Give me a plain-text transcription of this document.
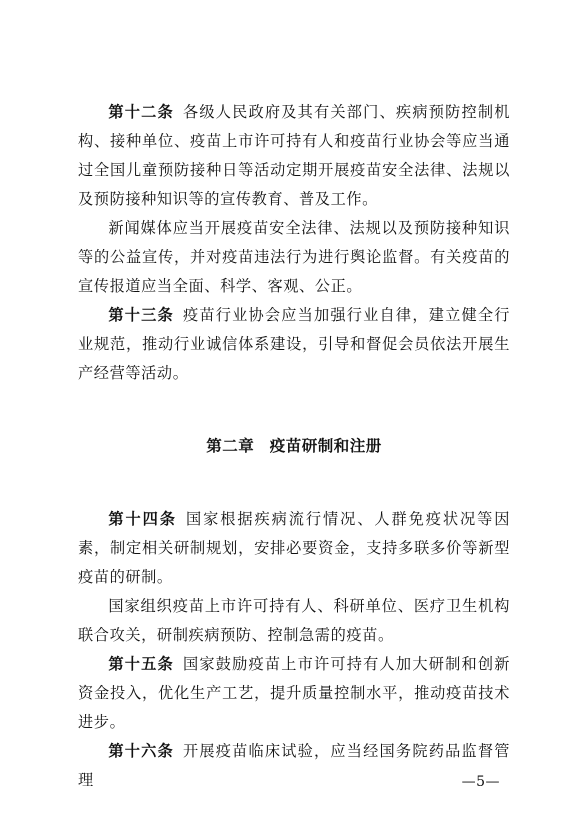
第十二条 各级人民政府及其有关部门、疾病预防控制机构、接种单位、疫苗上市许可持有人和疫苗行业协会等应当通过全国儿童预防接种日等活动定期开展疫苗安全法律、法规以及预防接种知识等的宣传教育、普及工作。

新闻媒体应当开展疫苗安全法律、法规以及预防接种知识等的公益宣传，并对疫苗违法行为进行舆论监督。有关疫苗的宣传报道应当全面、科学、客观、公正。

第十三条 疫苗行业协会应当加强行业自律，建立健全行业规范，推动行业诚信体系建设，引导和督促会员依法开展生产经营等活动。

第二章 疫苗研制和注册

第十四条 国家根据疾病流行情况、人群免疫状况等因素，制定相关研制规划，安排必要资金，支持多联多价等新型疫苗的研制。

国家组织疫苗上市许可持有人、科研单位、医疗卫生机构联合攻关，研制疾病预防、控制急需的疫苗。

第十五条 国家鼓励疫苗上市许可持有人加大研制和创新资金投入，优化生产工艺，提升质量控制水平，推动疫苗技术进步。

第十六条 开展疫苗临床试验，应当经国务院药品监督管理	—5—
